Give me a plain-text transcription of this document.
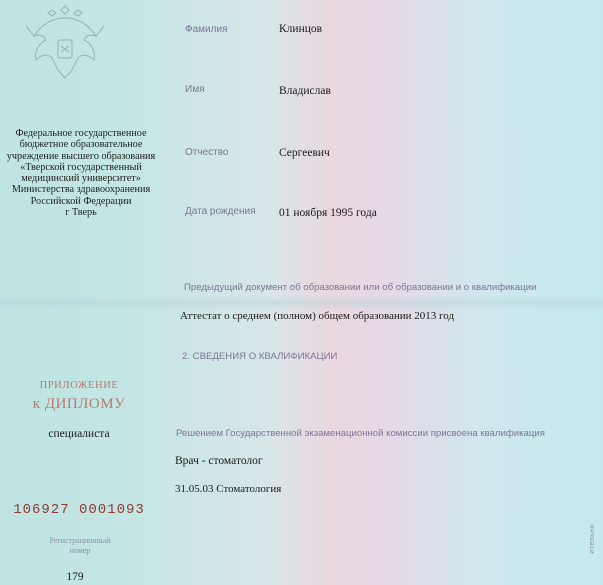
Федеральное государственное
бюджетное образовательное
учреждение высшего образования
«Тверской государственный
медицинский университет»
Министерства здравоохранения
Российской Федерации
г Тверь
Фамилия	Клинцов
Имя	Владислав
Отчество	Сергеевич
Дата рождения 01 ноября 1995 года
Предыдущий документ об образовании или об образовании и о квалификации
Аттестат о среднем (полном) общем образовании 2013 год
2. СВЕДЕНИЯ О КВАЛИФИКАЦИИ
Решением Государственной экзаменационной комиссии присвоена квалификация
Врач - стоматолог
31.05.03 Стоматология
ПРИЛОЖЕНИЕ
к ДИПЛОМУ
специалиста
106927 0001093
Регистрационный
номер
179
ительно
